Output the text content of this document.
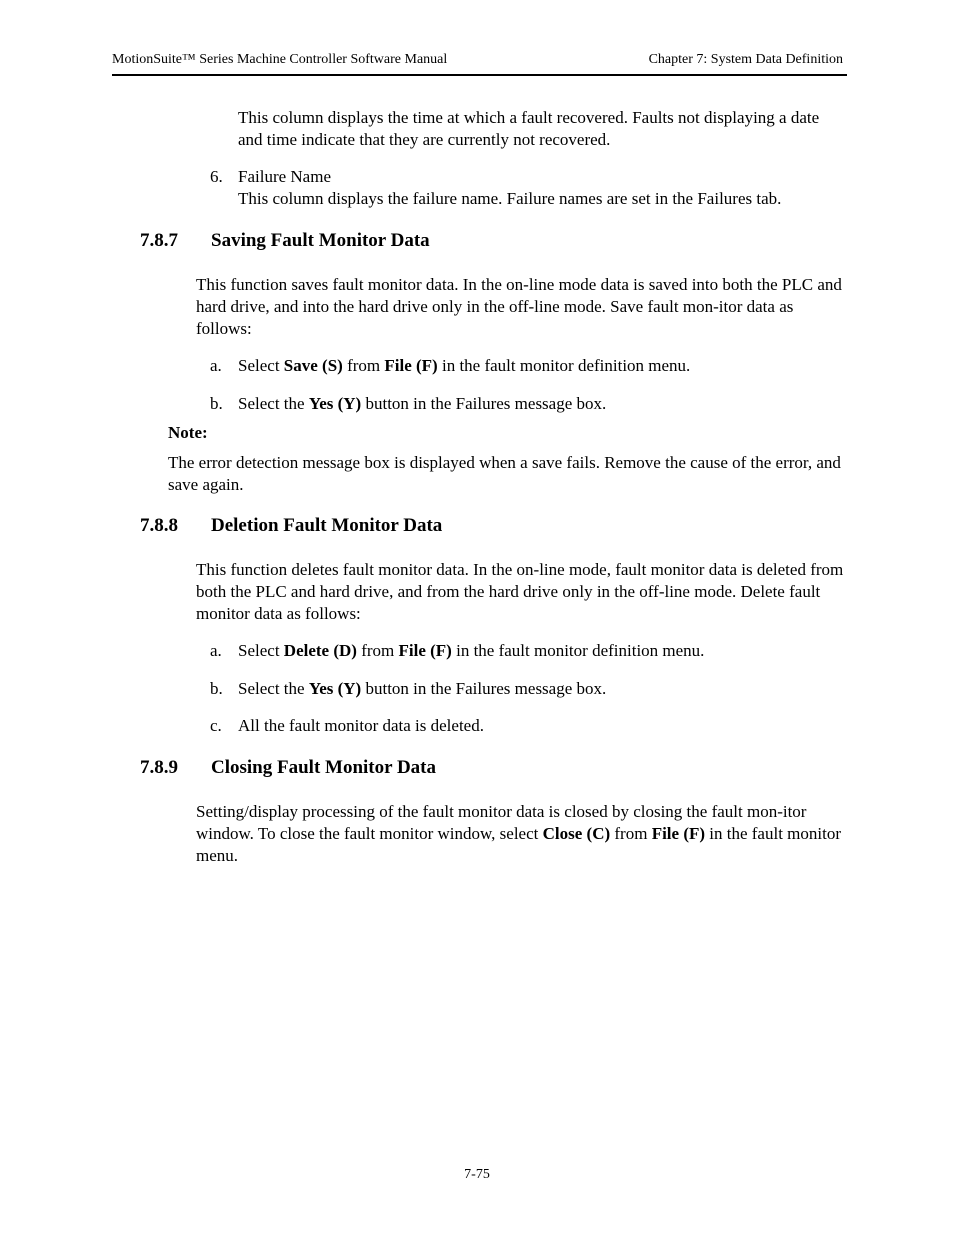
MotionSuite™ Series Machine Controller Software Manual	Chapter 7: System Data Definition
This column displays the time at which a fault recovered. Faults not displaying a date and time indicate that they are currently not recovered.
6. Failure Name
This column displays the failure name. Failure names are set in the Failures tab.
7.8.7 Saving Fault Monitor Data
This function saves fault monitor data. In the on-line mode data is saved into both the PLC and hard drive, and into the hard drive only in the off-line mode. Save fault mon-itor data as follows:
a. Select Save (S) from File (F) in the fault monitor definition menu.
b. Select the Yes (Y) button in the Failures message box.
Note:
The error detection message box is displayed when a save fails. Remove the cause of the error, and save again.
7.8.8 Deletion Fault Monitor Data
This function deletes fault monitor data. In the on-line mode, fault monitor data is deleted from both the PLC and hard drive, and from the hard drive only in the off-line mode. Delete fault monitor data as follows:
a. Select Delete (D) from File (F) in the fault monitor definition menu.
b. Select the Yes (Y) button in the Failures message box.
c. All the fault monitor data is deleted.
7.8.9 Closing Fault Monitor Data
Setting/display processing of the fault monitor data is closed by closing the fault mon-itor window. To close the fault monitor window, select Close (C) from File (F) in the fault monitor menu.
7-75
